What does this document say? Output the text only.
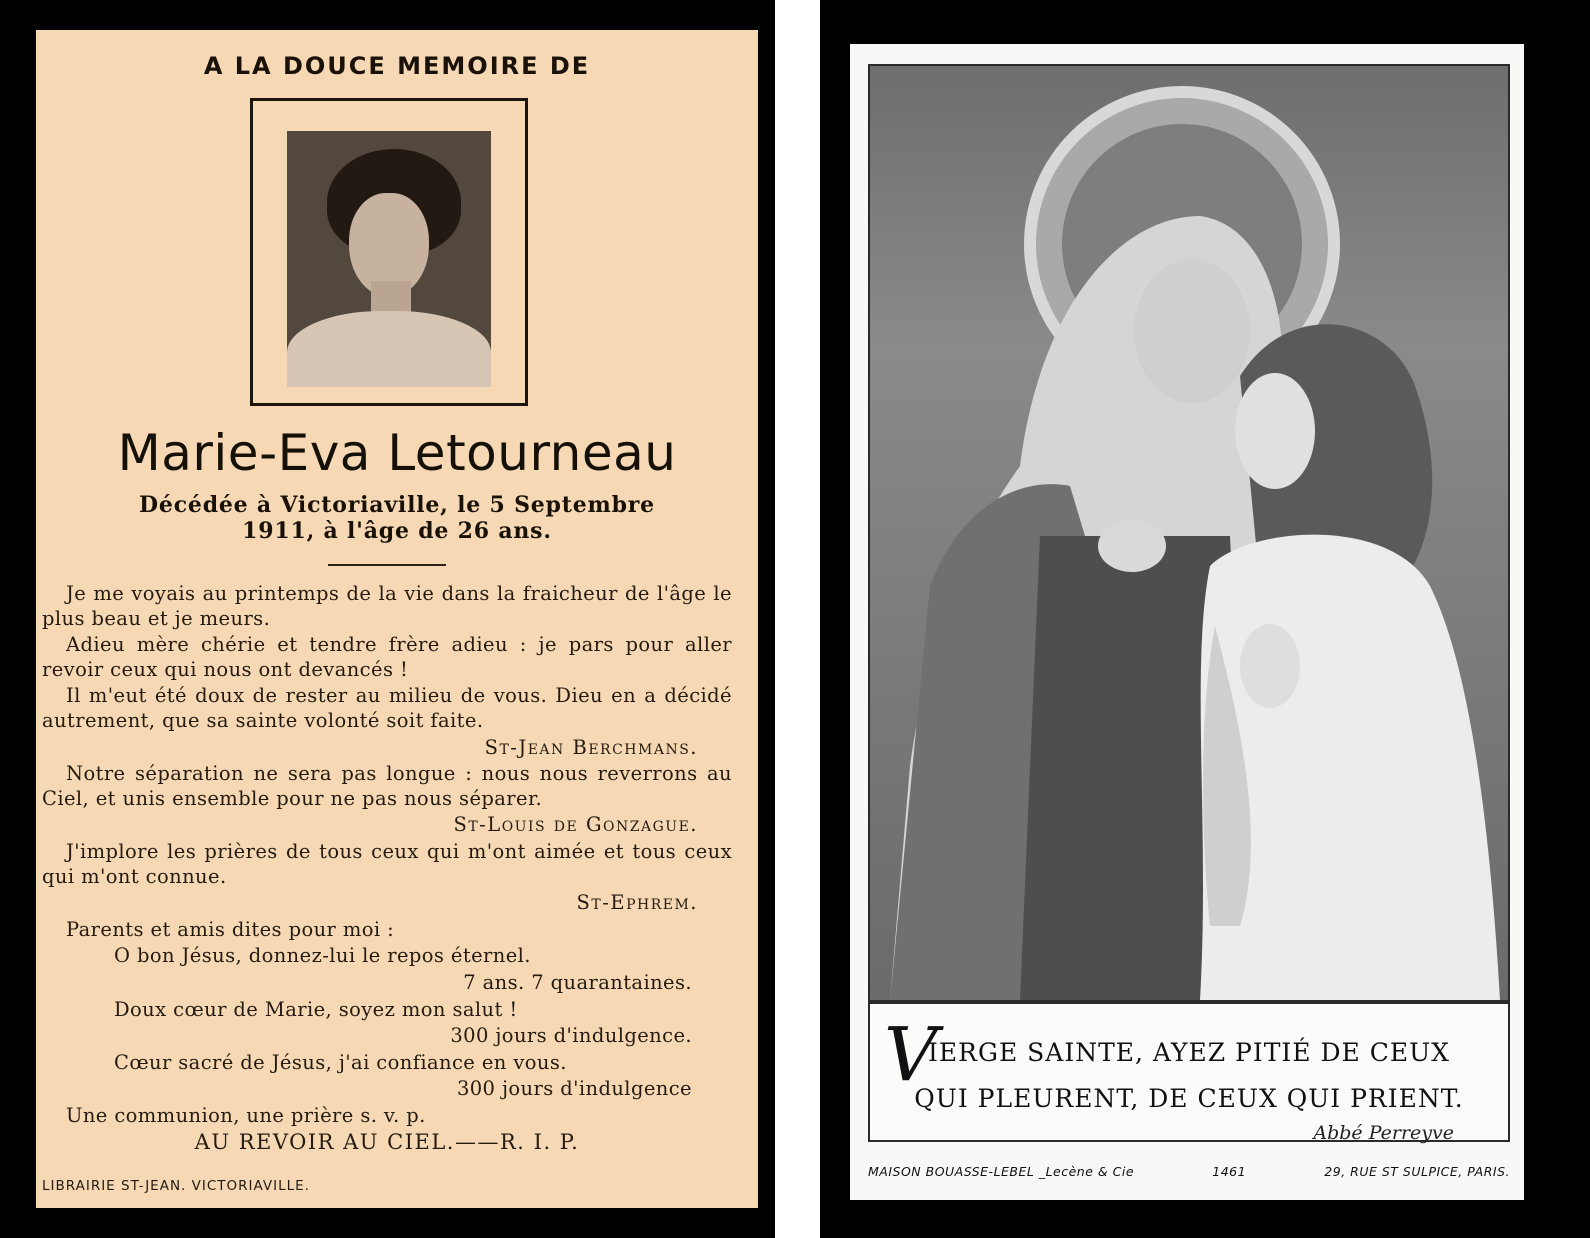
A LA DOUCE MEMOIRE DE
Marie-Eva Letourneau
Décédée à Victoriaville, le 5 Septembre
1911, à l'âge de 26 ans.

Je me voyais au printemps de la vie dans la fraicheur de l'âge le plus beau et je meurs.

Adieu mère chérie et tendre frère adieu : je pars pour aller revoir ceux qui nous ont devancés !

Il m'eut été doux de rester au milieu de vous. Dieu en a décidé autrement, que sa sainte volonté soit faite.

St-Jean Berchmans.

Notre séparation ne sera pas longue : nous nous reverrons au Ciel, et unis ensemble pour ne pas nous séparer.

St-Louis de Gonzague.

J'implore les prières de tous ceux qui m'ont aimée et tous ceux qui m'ont connue.

St-Ephrem.

Parents et amis dites pour moi :

O bon Jésus, donnez-lui le repos éternel.

7 ans. 7 quarantaines.

Doux cœur de Marie, soyez mon salut !

300 jours d'indulgence.

Cœur sacré de Jésus, j'ai confiance en vous.

300 jours d'indulgence

Une communion, une prière s. v. p.

AU REVOIR AU CIEL.——R. I. P.

LIBRAIRIE ST-JEAN. VICTORIAVILLE.
V
IERGE SAINTE, AYEZ PITIÉ DE CEUX
QUI PLEURENT, DE CEUX QUI PRIENT.
Abbé Perreyve
MAISON BOUASSE-LEBEL _Lecène & Cie	1461	29, RUE ST SULPICE, PARIS.
